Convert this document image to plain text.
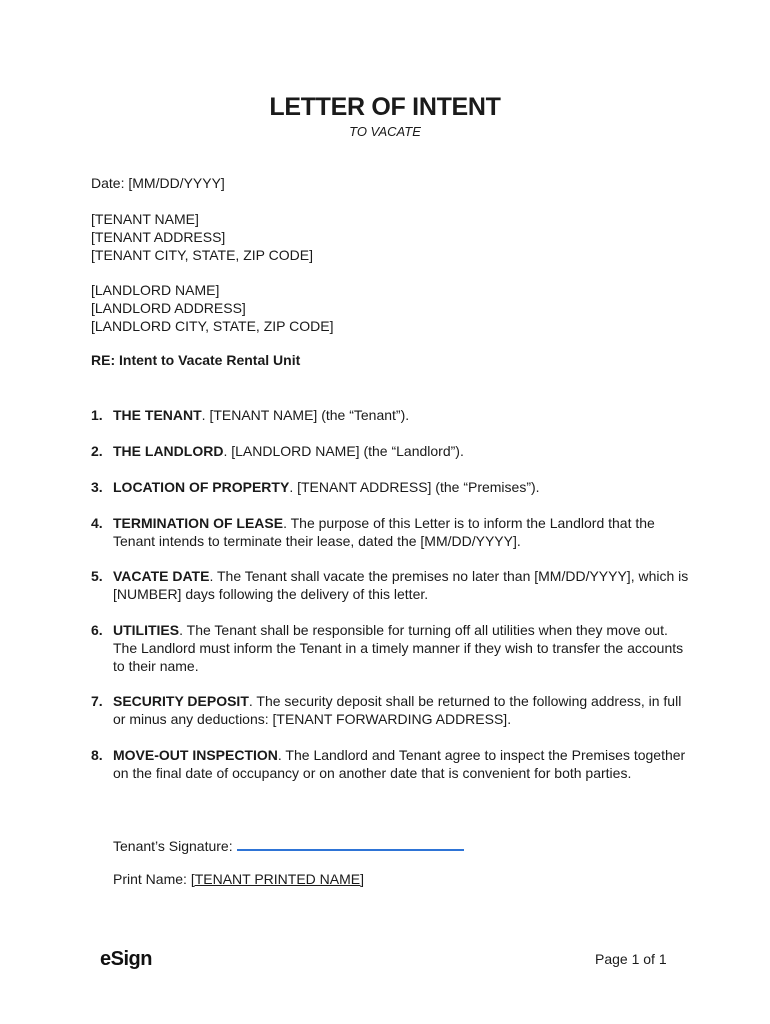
LETTER OF INTENT
TO VACATE
Date: [MM/DD/YYYY]
[TENANT NAME]
[TENANT ADDRESS]
[TENANT CITY, STATE, ZIP CODE]
[LANDLORD NAME]
[LANDLORD ADDRESS]
[LANDLORD CITY, STATE, ZIP CODE]
RE: Intent to Vacate Rental Unit
1. THE TENANT. [TENANT NAME] (the “Tenant”).
2. THE LANDLORD. [LANDLORD NAME] (the “Landlord”).
3. LOCATION OF PROPERTY. [TENANT ADDRESS] (the “Premises”).
4. TERMINATION OF LEASE. The purpose of this Letter is to inform the Landlord that the Tenant intends to terminate their lease, dated the [MM/DD/YYYY].
5. VACATE DATE. The Tenant shall vacate the premises no later than [MM/DD/YYYY], which is [NUMBER] days following the delivery of this letter.
6. UTILITIES. The Tenant shall be responsible for turning off all utilities when they move out. The Landlord must inform the Tenant in a timely manner if they wish to transfer the accounts to their name.
7. SECURITY DEPOSIT. The security deposit shall be returned to the following address, in full or minus any deductions: [TENANT FORWARDING ADDRESS].
8. MOVE-OUT INSPECTION. The Landlord and Tenant agree to inspect the Premises together on the final date of occupancy or on another date that is convenient for both parties.
Tenant’s Signature:
Print Name: [TENANT PRINTED NAME]
eSign	Page 1 of 1
